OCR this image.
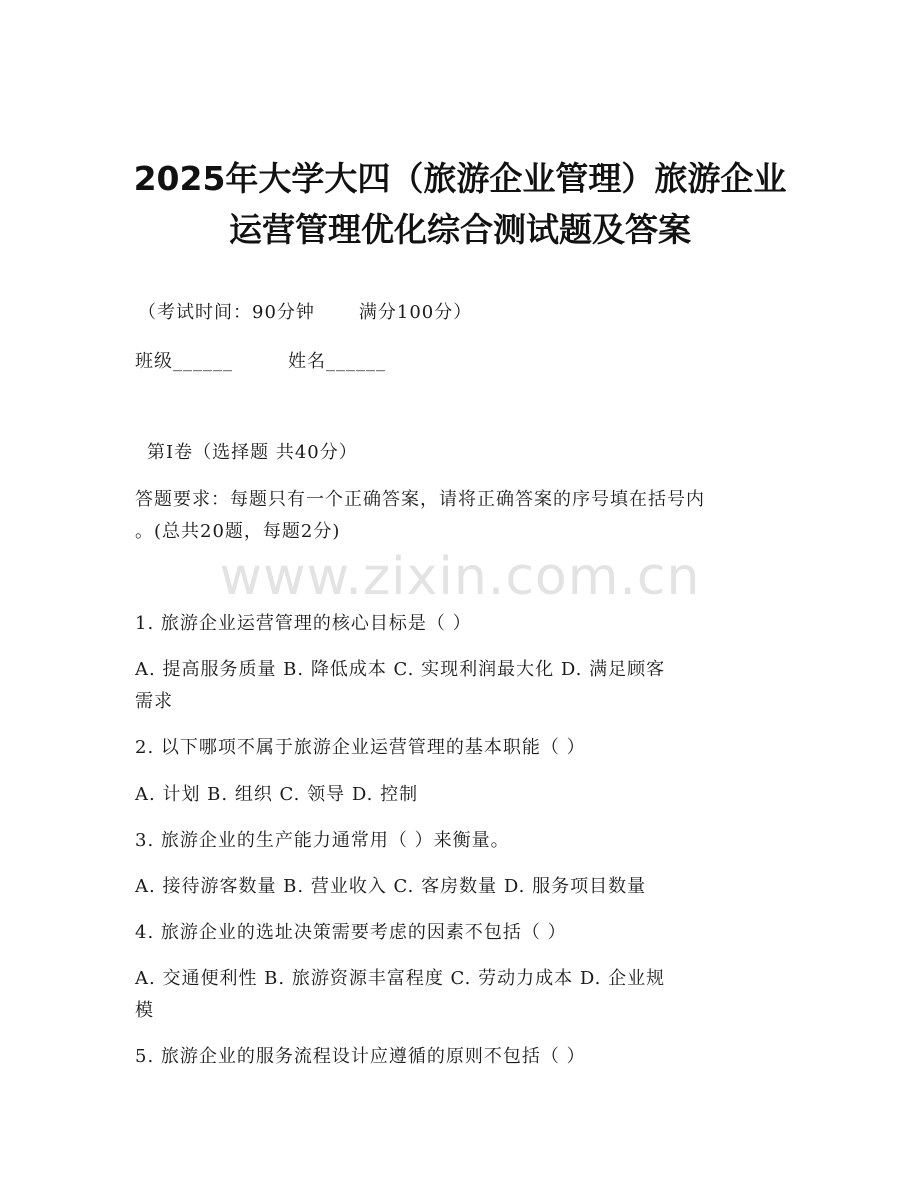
2025年大学大四（旅游企业管理）旅游企业
运营管理优化综合测试题及答案
（考试时间：90分钟 满分100分）
班级______	姓名______
第I卷（选择题 共40分）
答题要求：每题只有一个正确答案，请将正确答案的序号填在括号内
。(总共20题，每题2分)
www.zixin.com.cn
1. 旅游企业运营管理的核心目标是（ ）
A. 提高服务质量 B. 降低成本 C. 实现利润最大化 D. 满足顾客
需求
2. 以下哪项不属于旅游企业运营管理的基本职能（ ）
A. 计划 B. 组织 C. 领导 D. 控制
3. 旅游企业的生产能力通常用（ ）来衡量。
A. 接待游客数量 B. 营业收入 C. 客房数量 D. 服务项目数量
4. 旅游企业的选址决策需要考虑的因素不包括（ ）
A. 交通便利性 B. 旅游资源丰富程度 C. 劳动力成本 D. 企业规
模
5. 旅游企业的服务流程设计应遵循的原则不包括（ ）
